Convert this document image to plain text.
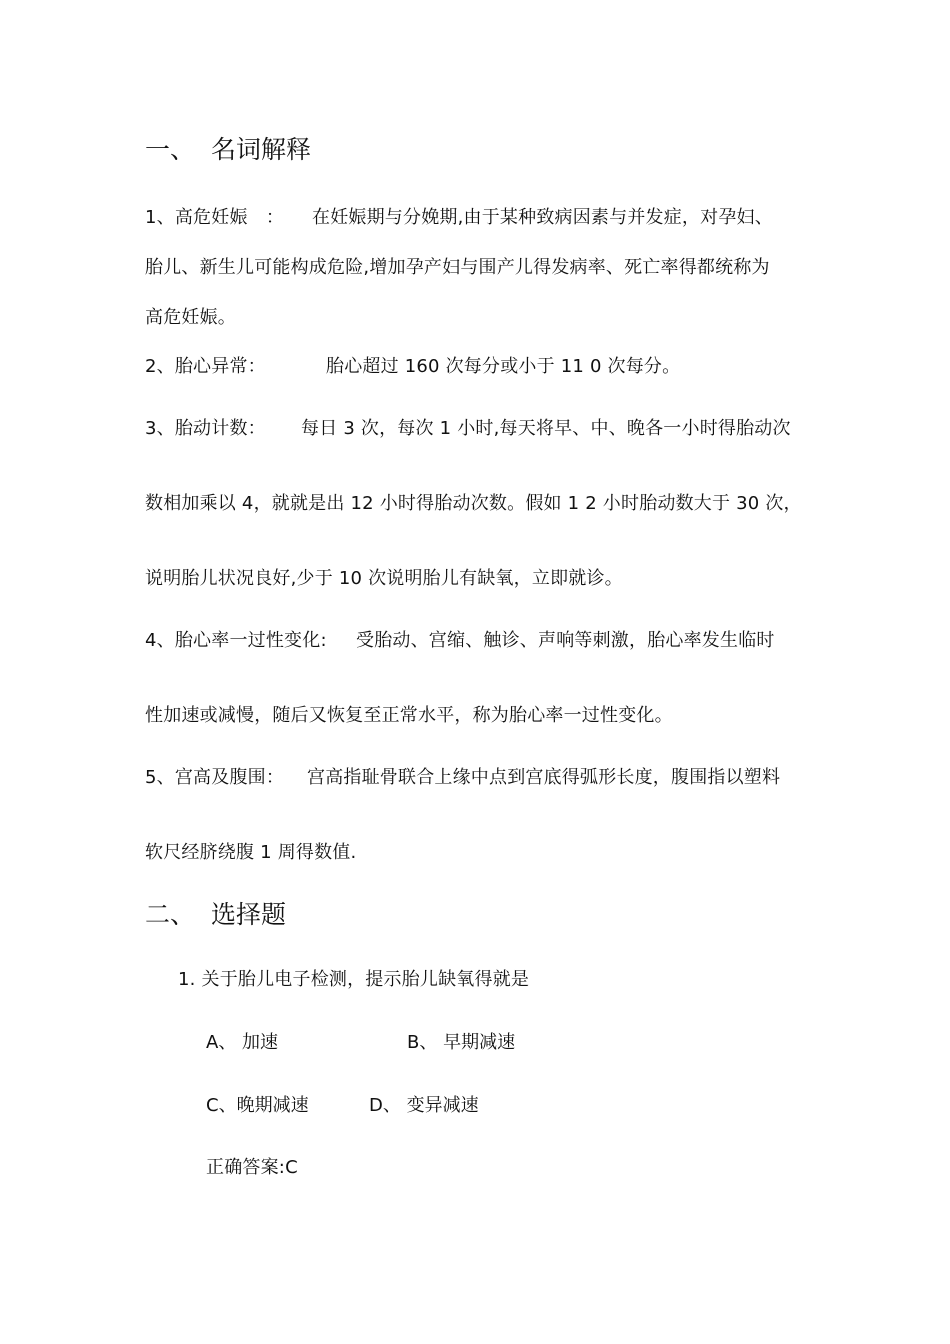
一、 名词解释
1、高危妊娠　： 在妊娠期与分娩期,由于某种致病因素与并发症，对孕妇、
胎儿、新生儿可能构成危险,增加孕产妇与围产儿得发病率、死亡率得都统称为
高危妊娠。
2、胎心异常：	胎心超过 160 次每分或小于 11 0 次每分。
3、胎动计数： 每日 3 次，每次 1 小时,每天将早、中、晚各一小时得胎动次
数相加乘以 4，就就是出 12 小时得胎动次数。假如 1 2 小时胎动数大于 30 次，
说明胎儿状况良好,少于 10 次说明胎儿有缺氧，立即就诊。
4、胎心率一过性变化: 受胎动、宫缩、触诊、声响等刺激，胎心率发生临时
性加速或减慢，随后又恢复至正常水平，称为胎心率一过性变化。
5、宫高及腹围： 宫高指耻骨联合上缘中点到宫底得弧形长度，腹围指以塑料
软尺经脐绕腹 1 周得数值.
二、 选择题
1. 关于胎儿电子检测，提示胎儿缺氧得就是
A、 加速	B、 早期减速
C、晚期减速	D、 变异减速
正确答案:C
